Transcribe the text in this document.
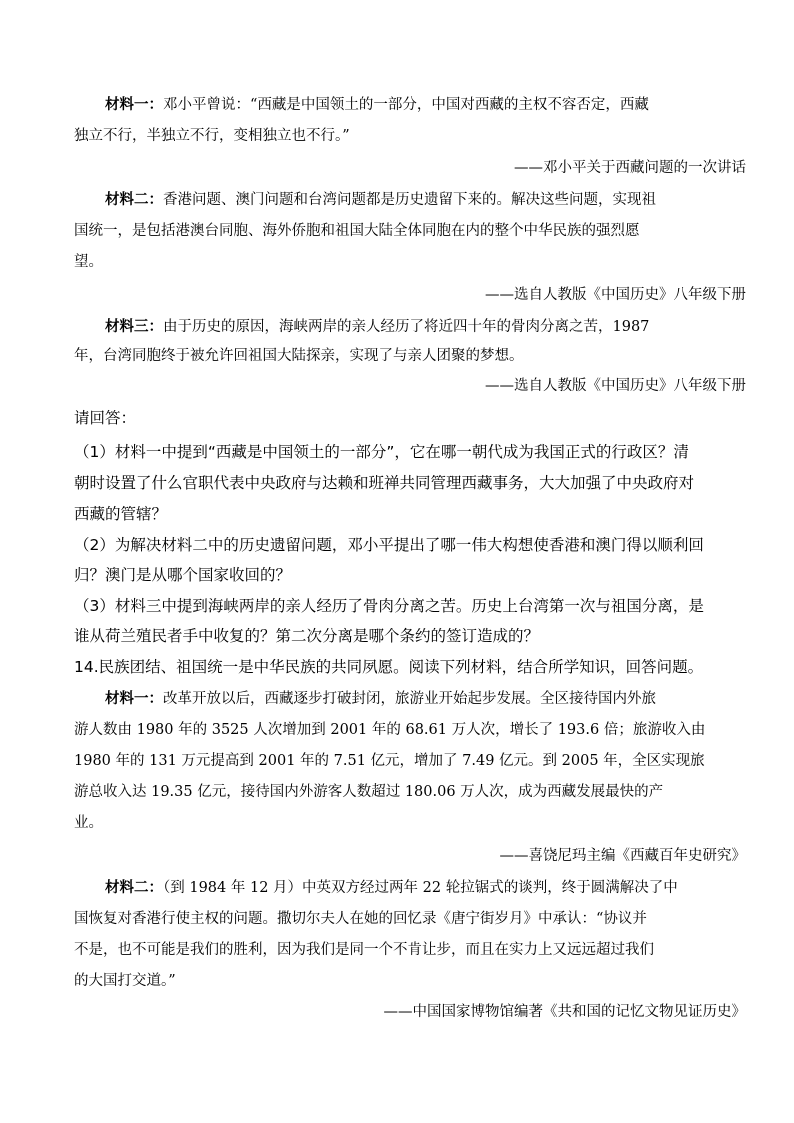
材料一：邓小平曾说：“西藏是中国领土的一部分，中国对西藏的主权不容否定，西藏
独立不行，半独立不行，变相独立也不行。”
——邓小平关于西藏问题的一次讲话
材料二：香港问题、澳门问题和台湾问题都是历史遗留下来的。解决这些问题，实现祖
国统一，是包括港澳台同胞、海外侨胞和祖国大陆全体同胞在内的整个中华民族的强烈愿
望。
——选自人教版《中国历史》八年级下册
材料三：由于历史的原因，海峡两岸的亲人经历了将近四十年的骨肉分离之苦，1987
年，台湾同胞终于被允许回祖国大陆探亲，实现了与亲人团聚的梦想。
——选自人教版《中国历史》八年级下册
请回答：
（1）材料一中提到“西藏是中国领土的一部分”，它在哪一朝代成为我国正式的行政区？清
朝时设置了什么官职代表中央政府与达赖和班禅共同管理西藏事务，大大加强了中央政府对
西藏的管辖？
（2）为解决材料二中的历史遗留问题，邓小平提出了哪一伟大构想使香港和澳门得以顺利回
归？澳门是从哪个国家收回的？
（3）材料三中提到海峡两岸的亲人经历了骨肉分离之苦。历史上台湾第一次与祖国分离，是
谁从荷兰殖民者手中收复的？第二次分离是哪个条约的签订造成的？
14.民族团结、祖国统一是中华民族的共同夙愿。阅读下列材料，结合所学知识，回答问题。
材料一：改革开放以后，西藏逐步打破封闭，旅游业开始起步发展。全区接待国内外旅
游人数由 1980 年的 3525 人次增加到 2001 年的 68.61 万人次，增长了 193.6 倍；旅游收入由
1980 年的 131 万元提高到 2001 年的 7.51 亿元，增加了 7.49 亿元。到 2005 年，全区实现旅
游总收入达 19.35 亿元，接待国内外游客人数超过 180.06 万人次，成为西藏发展最快的产
业。
——喜饶尼玛主编《西藏百年史研究》
材料二：（到 1984 年 12 月）中英双方经过两年 22 轮拉锯式的谈判，终于圆满解决了中
国恢复对香港行使主权的问题。撒切尔夫人在她的回忆录《唐宁街岁月》中承认：“协议并
不是，也不可能是我们的胜利，因为我们是同一个不肯让步，而且在实力上又远远超过我们
的大国打交道。”
——中国国家博物馆编著《共和国的记忆文物见证历史》
